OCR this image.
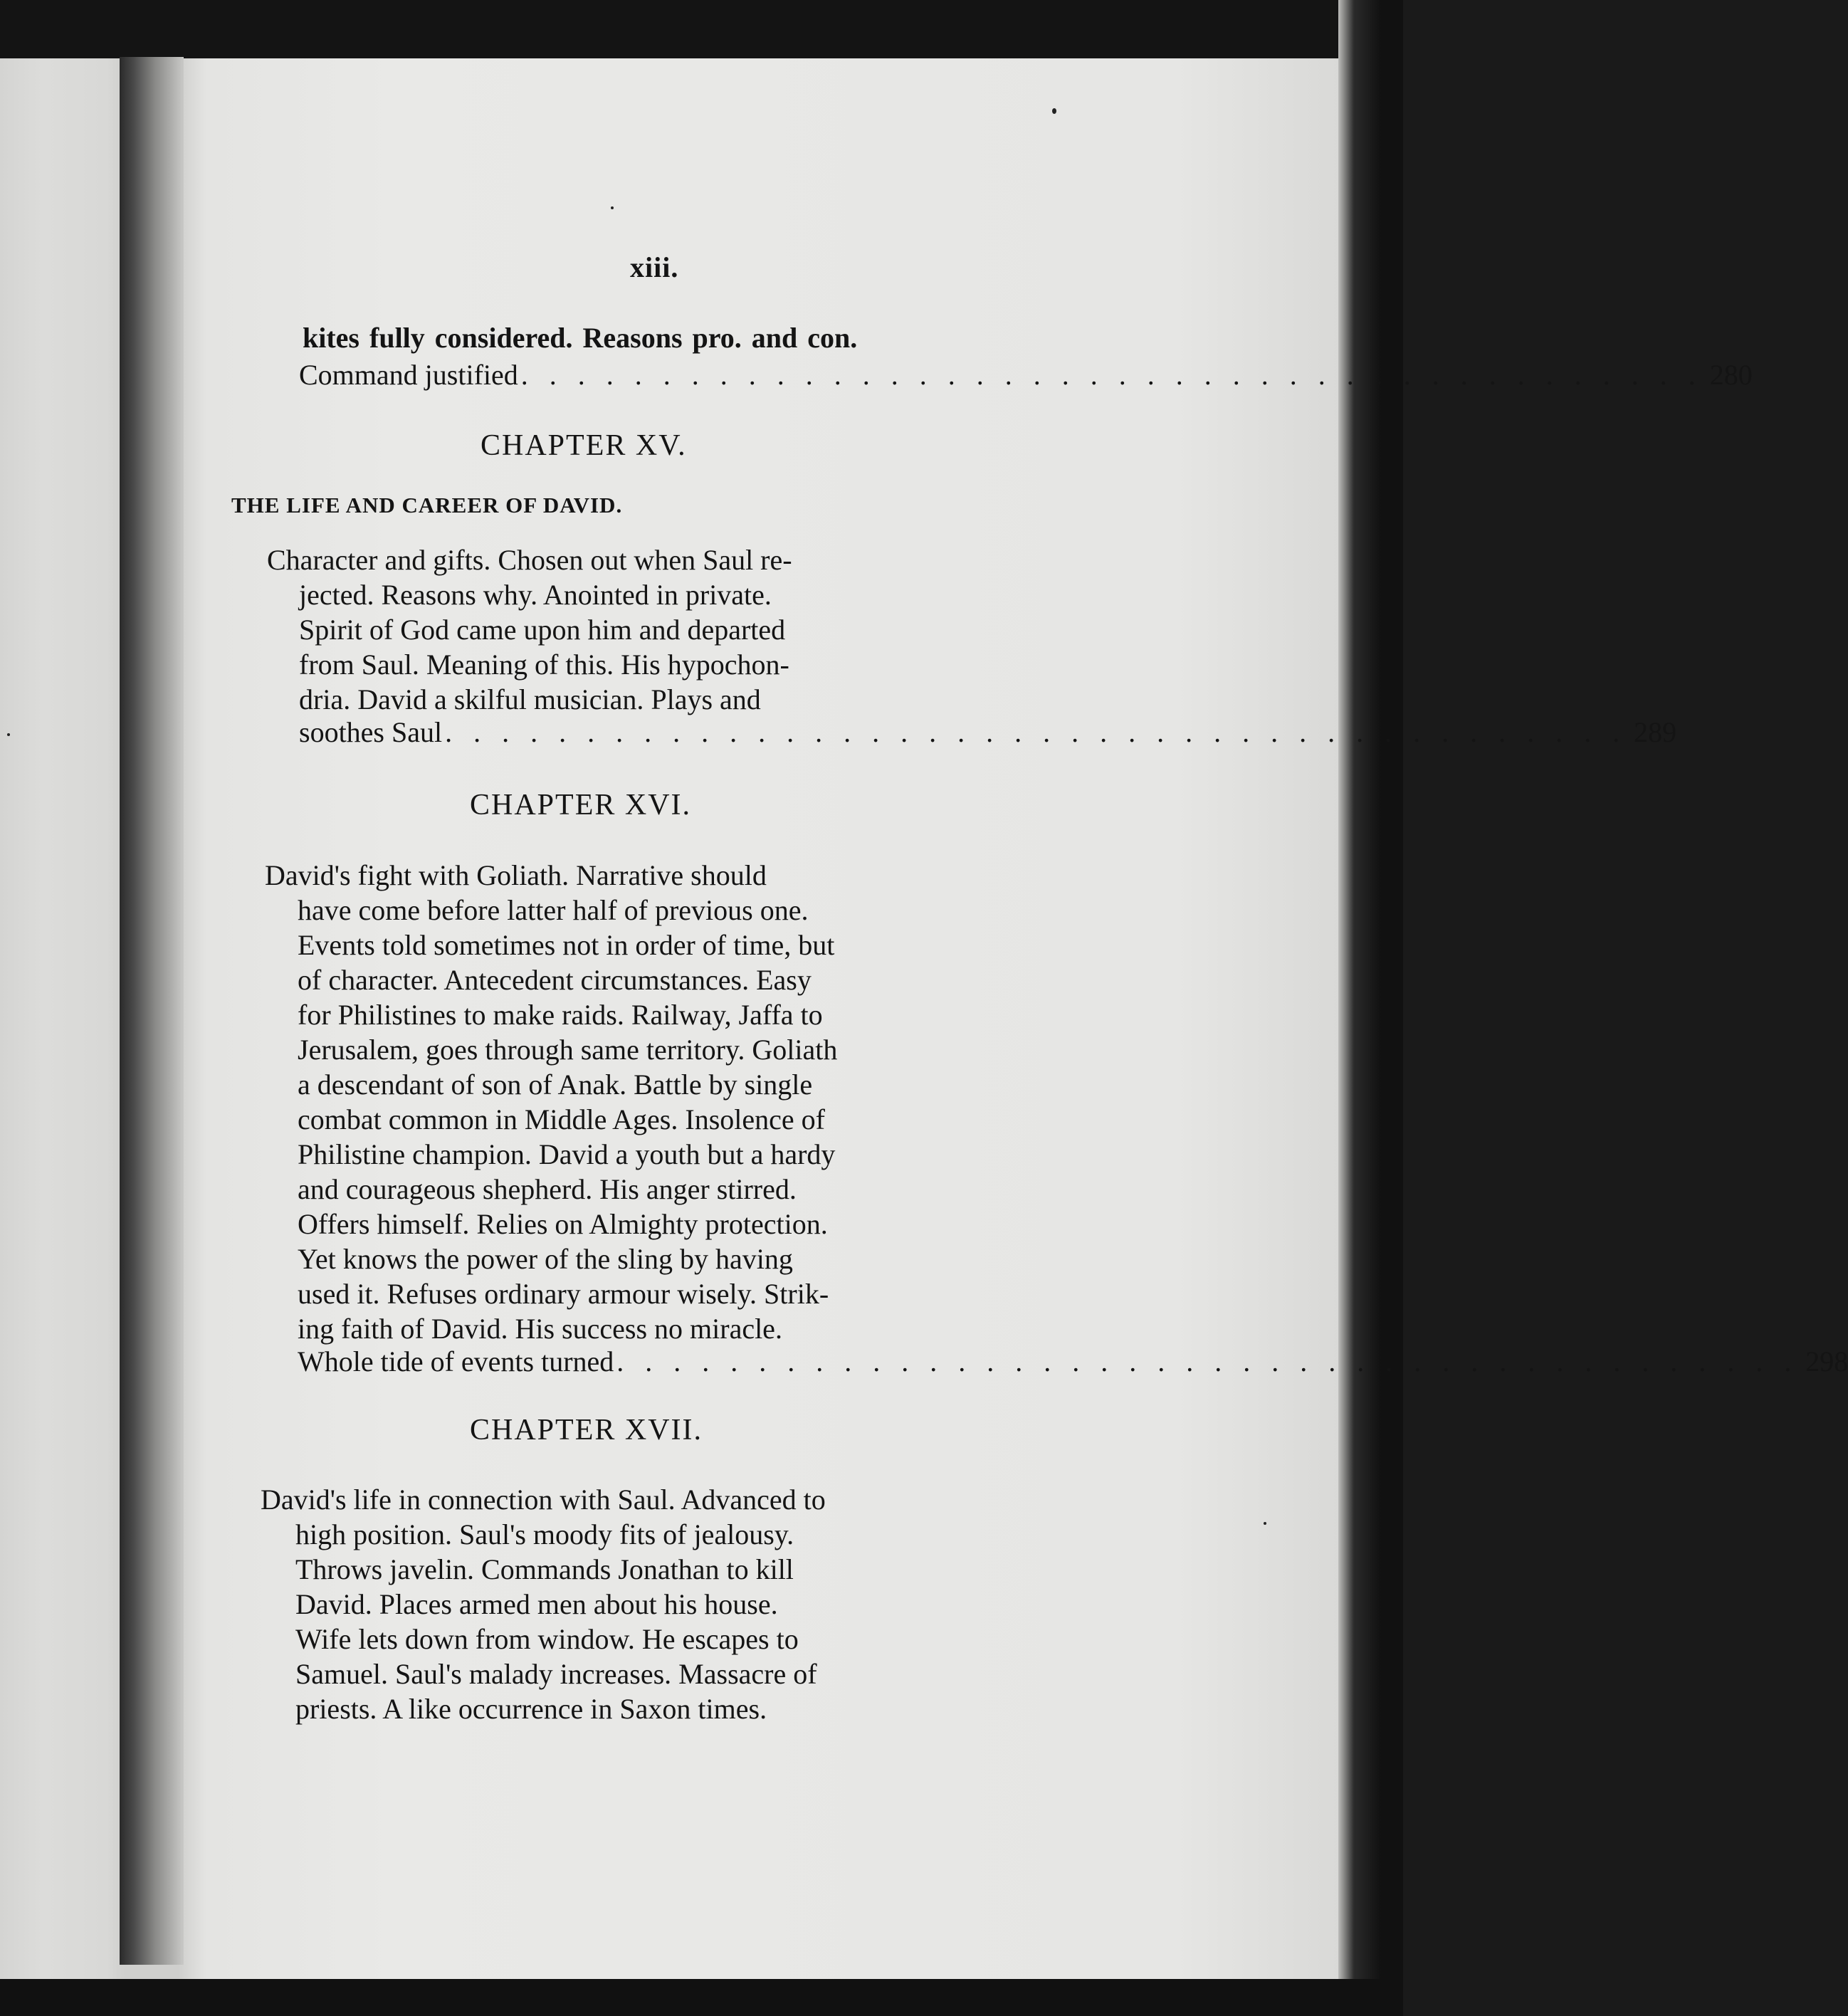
xiii.
kites fully considered. Reasons pro. and con.
Command justified . . . . . . . . . . . . . . . . . . . . . . . . . . . . . . . . . . . . . . . . . . 280
CHAPTER XV.
THE LIFE AND CAREER OF DAVID.
Character and gifts. Chosen out when Saul re-
jected. Reasons why. Anointed in private.
Spirit of God came upon him and departed
from Saul. Meaning of this. His hypochon-
dria. David a skilful musician. Plays and
soothes Saul . . . . . . . . . . . . . . . . . . . . . . . . . . . . . . . . . . . . . . . . . . 289
CHAPTER XVI.
David's fight with Goliath. Narrative should
have come before latter half of previous one.
Events told sometimes not in order of time, but
of character. Antecedent circumstances. Easy
for Philistines to make raids. Railway, Jaffa to
Jerusalem, goes through same territory. Goliath
a descendant of son of Anak. Battle by single
combat common in Middle Ages. Insolence of
Philistine champion. David a youth but a hardy
and courageous shepherd. His anger stirred.
Offers himself. Relies on Almighty protection.
Yet knows the power of the sling by having
used it. Refuses ordinary armour wisely. Strik-
ing faith of David. His success no miracle.
Whole tide of events turned . . . . . . . . . . . . . . . . . . . . . . . . . . . . . . . . . . . . . . . . . . 298
CHAPTER XVII.
David's life in connection with Saul. Advanced to
high position. Saul's moody fits of jealousy.
Throws javelin. Commands Jonathan to kill
David. Places armed men about his house.
Wife lets down from window. He escapes to
Samuel. Saul's malady increases. Massacre of
priests. A like occurrence in Saxon times.
